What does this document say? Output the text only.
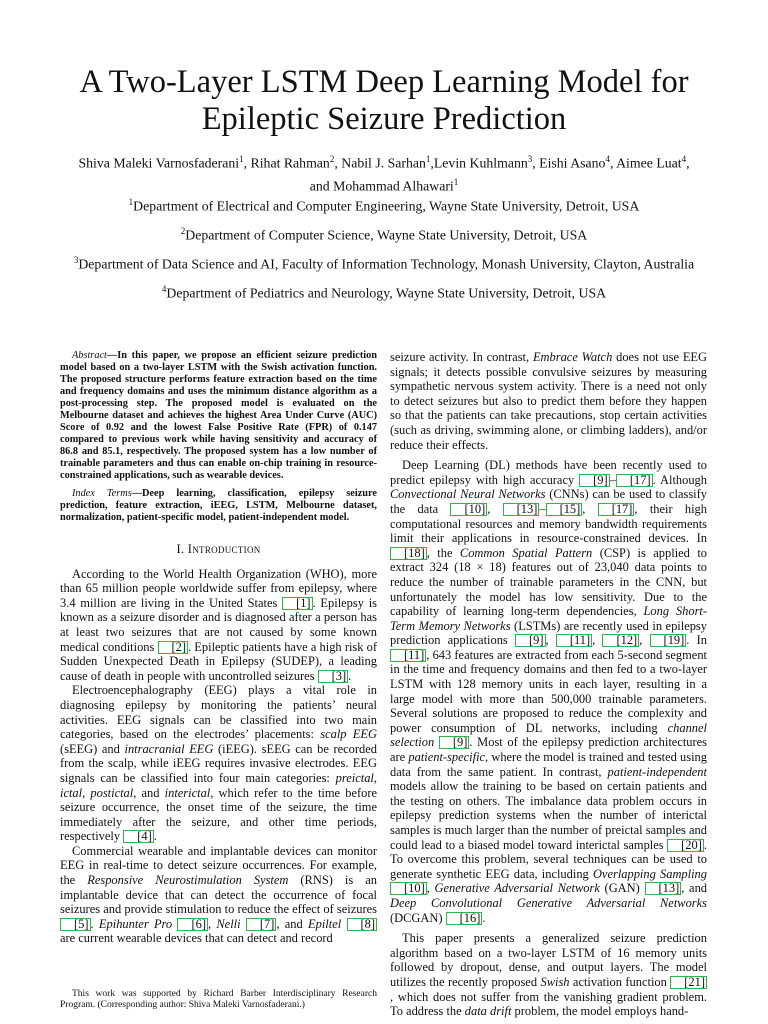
A Two-Layer LSTM Deep Learning Model for
Epileptic Seizure Prediction

Shiva Maleki Varnosfaderani$^1$, Rihat Rahman$^2$, Nabil J. Sarhan$^1$,Levin Kuhlmann$^3$, Eishi Asano$^4$, Aimee Luat$^4$,
and Mohammad Alhawari$^1$

$^1$Department of Electrical and Computer Engineering, Wayne State University, Detroit, USA

$^2$Department of Computer Science, Wayne State University, Detroit, USA

$^3$Department of Data Science and AI, Faculty of Information Technology, Monash University, Clayton, Australia

$^4$Department of Pediatrics and Neurology, Wayne State University, Detroit, USA

Abstract—In this paper, we propose an efficient seizure prediction model based on a two-layer LSTM with the Swish activation function. The proposed structure performs feature extraction based on the time and frequency domains and uses the minimum distance algorithm as a post-processing step. The proposed model is evaluated on the Melbourne dataset and achieves the highest Area Under Curve (AUC) Score of 0.92 and the lowest False Positive Rate (FPR) of 0.147 compared to previous work while having sensitivity and accuracy of 86.8 and 85.1, respectively. The proposed system has a low number of trainable parameters and thus can enable on-chip training in resource-constrained applications, such as wearable devices.

Index Terms—Deep learning, classification, epilepsy seizure prediction, feature extraction, iEEG, LSTM, Melbourne dataset, normalization, patient-specific model, patient-independent model.

I. Introduction

According to the World Health Organization (WHO), more than 65 million people worldwide suffer from epilepsy, where 3.4 million are living in the United States [1] . Epilepsy is known as a seizure disorder and is diagnosed after a person has at least two seizures that are not caused by some known medical conditions [2] . Epileptic patients have a high risk of Sudden Unexpected Death in Epilepsy (SUDEP), a leading cause of death in people with uncontrolled seizures [3] .

Electroencephalography (EEG) plays a vital role in diagnosing epilepsy by monitoring the patients’ neural activities. EEG signals can be classified into two main categories, based on the electrodes’ placements: scalp EEG (sEEG) and intracranial EEG (iEEG). sEEG can be recorded from the scalp, while iEEG requires invasive electrodes. EEG signals can be classified into four main categories: preictal, ictal, postictal, and interictal, which refer to the time before seizure occurrence, the onset time of the seizure, the time immediately after the seizure, and other time periods, respectively [4] .

Commercial wearable and implantable devices can monitor EEG in real-time to detect seizure occurrences. For example, the Responsive Neurostimulation System (RNS) is an implantable device that can detect the occurrence of focal seizures and provide stimulation to reduce the effect of seizures [5] . Epihunter Pro [6] , Nelli [7] , and Epiltel [8] are current wearable devices that can detect and record

This work was supported by Richard Barber Interdisciplinary Research Program. (Corresponding author: Shiva Maleki Varnosfaderani.)

seizure activity. In contrast, Embrace Watch does not use EEG signals; it detects possible convulsive seizures by measuring sympathetic nervous system activity. There is a need not only to detect seizures but also to predict them before they happen so that the patients can take precautions, stop certain activities (such as driving, swimming alone, or climbing ladders), and/or reduce their effects.

Deep Learning (DL) methods have been recently used to predict epilepsy with high accuracy [9] – [17] . Although Convectional Neural Networks (CNNs) can be used to classify the data [10] , [13] – [15] , [17] , their high computational resources and memory bandwidth requirements limit their applications in resource-constrained devices. In [18] , the Common Spatial Pattern (CSP) is applied to extract 324 (18 × 18) features out of 23,040 data points to reduce the number of trainable parameters in the CNN, but unfortunately the model has low sensitivity. Due to the capability of learning long-term dependencies, Long Short-Term Memory Networks (LSTMs) are recently used in epilepsy prediction applications [9] , [11] , [12] , [19] . In [11] , 643 features are extracted from each 5-second segment in the time and frequency domains and then fed to a two-layer LSTM with 128 memory units in each layer, resulting in a large model with more than 500,000 trainable parameters. Several solutions are proposed to reduce the complexity and power consumption of DL networks, including channel selection [9] . Most of the epilepsy prediction architectures are patient-specific, where the model is trained and tested using data from the same patient. In contrast, patient-independent models allow the training to be based on certain patients and the testing on others. The imbalance data problem occurs in epilepsy prediction systems when the number of interictal samples is much larger than the number of preictal samples and could lead to a biased model toward interictal samples [20] . To overcome this problem, several techniques can be used to generate synthetic EEG data, including Overlapping Sampling [10] , Generative Adversarial Network (GAN) [13] , and Deep Convolutional Generative Adversarial Networks (DCGAN) [16] .

This paper presents a generalized seizure prediction algorithm based on a two-layer LSTM of 16 memory units followed by dropout, dense, and output layers. The model utilizes the recently proposed Swish activation function [21], which does not suffer from the vanishing gradient problem. To address the data drift problem, the model employs hand-
